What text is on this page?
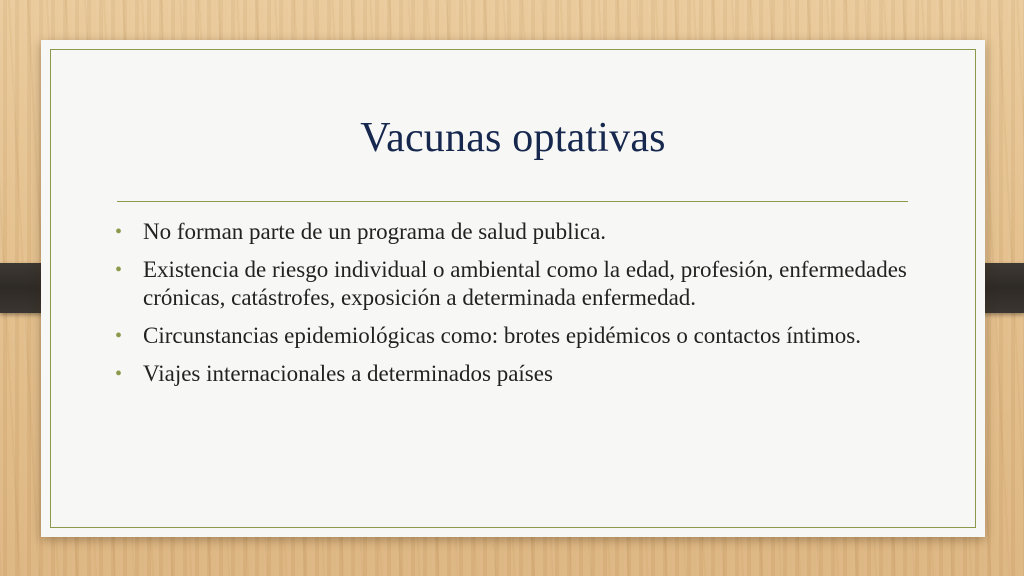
Vacunas optativas
• No forman parte de un programa de salud publica.
• Existencia de riesgo individual o ambiental como la edad, profesión, enfermedades crónicas, catástrofes, exposición a determinada enfermedad.
• Circunstancias epidemiológicas como: brotes epidémicos o contactos íntimos.
• Viajes internacionales a determinados países
